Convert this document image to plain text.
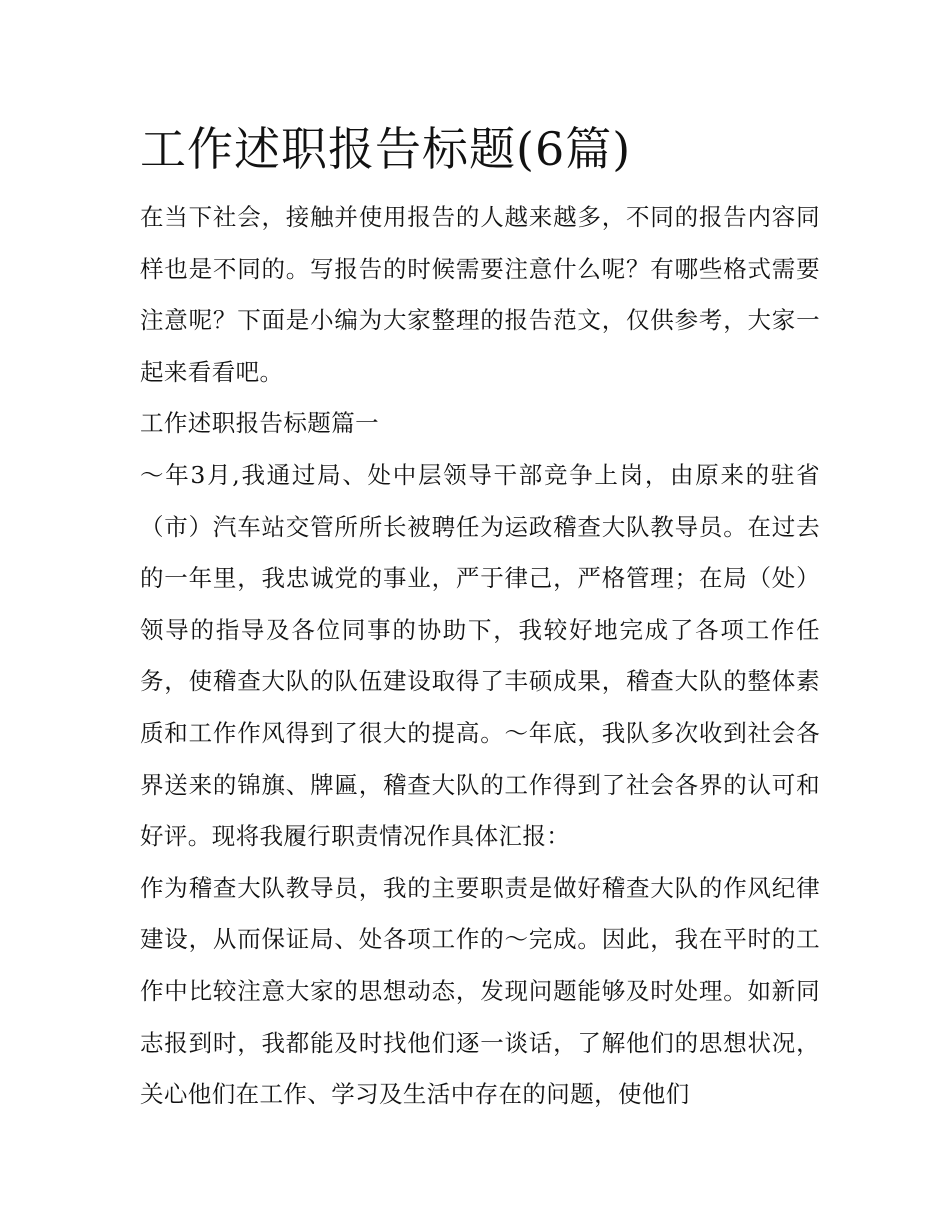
工作述职报告标题(6篇)

在当下社会，接触并使用报告的人越来越多，不同的报告内容同样也是不同的。写报告的时候需要注意什么呢？有哪些格式需要注意呢？下面是小编为大家整理的报告范文，仅供参考，大家一起来看看吧。

工作述职报告标题篇一

～年3月,我通过局、处中层领导干部竞争上岗，由原来的驻省（市）汽车站交管所所长被聘任为运政稽查大队教导员。在过去的一年里，我忠诚党的事业，严于律己，严格管理；在局（处）领导的指导及各位同事的协助下，我较好地完成了各项工作任务，使稽查大队的队伍建设取得了丰硕成果，稽查大队的整体素质和工作作风得到了很大的提高。～年底，我队多次收到社会各界送来的锦旗、牌匾，稽查大队的工作得到了社会各界的认可和好评。现将我履行职责情况作具体汇报：

作为稽查大队教导员，我的主要职责是做好稽查大队的作风纪律建设，从而保证局、处各项工作的～完成。因此，我在平时的工作中比较注意大家的思想动态，发现问题能够及时处理。如新同志报到时，我都能及时找他们逐一谈话，了解他们的思想状况，关心他们在工作、学习及生活中存在的问题，使他们
